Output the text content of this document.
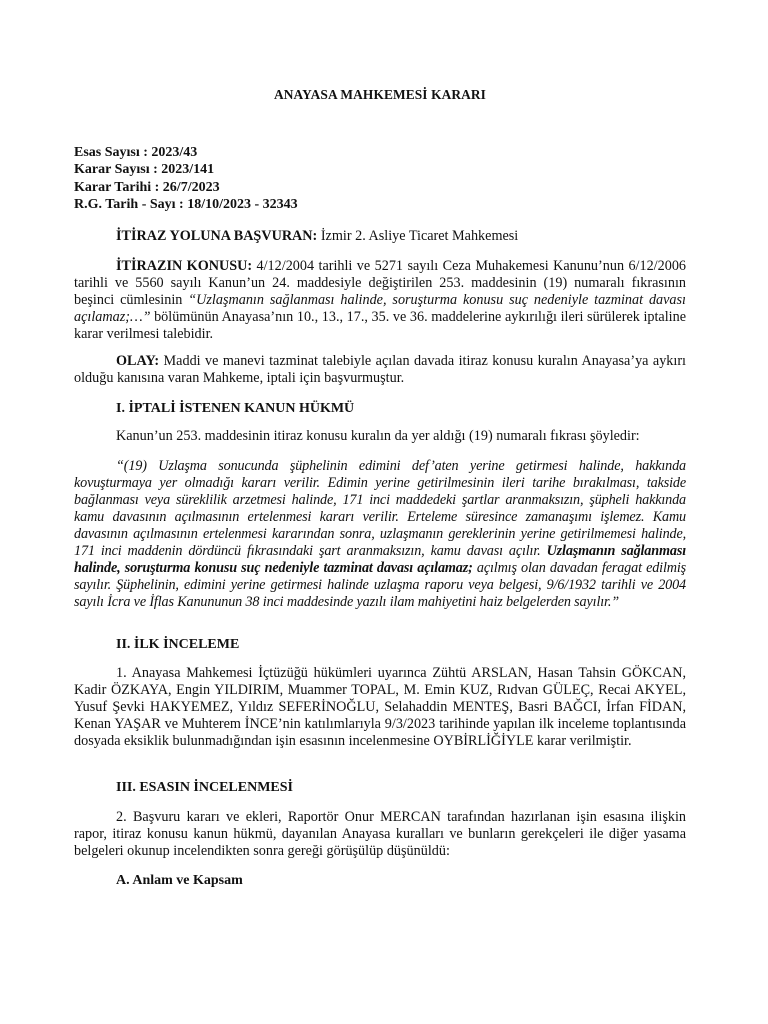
ANAYASA MAHKEMESİ KARARI
Esas Sayısı : 2023/43
Karar Sayısı : 2023/141
Karar Tarihi : 26/7/2023
R.G. Tarih - Sayı : 18/10/2023 - 32343
İTİRAZ YOLUNA BAŞVURAN: İzmir 2. Asliye Ticaret Mahkemesi
İTİRAZIN KONUSU: 4/12/2004 tarihli ve 5271 sayılı Ceza Muhakemesi Kanunu’nun 6/12/2006 tarihli ve 5560 sayılı Kanun’un 24. maddesiyle değiştirilen 253. maddesinin (19) numaralı fıkrasının beşinci cümlesinin “Uzlaşmanın sağlanması halinde, soruşturma konusu suç nedeniyle tazminat davası açılamaz;…” bölümünün Anayasa’nın 10., 13., 17., 35. ve 36. maddelerine aykırılığı ileri sürülerek iptaline karar verilmesi talebidir.
OLAY: Maddi ve manevi tazminat talebiyle açılan davada itiraz konusu kuralın Anayasa’ya aykırı olduğu kanısına varan Mahkeme, iptali için başvurmuştur.
I. İPTALİ İSTENEN KANUN HÜKMÜ
Kanun’un 253. maddesinin itiraz konusu kuralın da yer aldığı (19) numaralı fıkrası şöyledir:
“(19) Uzlaşma sonucunda şüphelinin edimini def’aten yerine getirmesi halinde, hakkında kovuşturmaya yer olmadığı kararı verilir. Edimin yerine getirilmesinin ileri tarihe bırakılması, takside bağlanması veya süreklilik arzetmesi halinde, 171 inci maddedeki şartlar aranmaksızın, şüpheli hakkında kamu davasının açılmasının ertelenmesi kararı verilir. Erteleme süresince zamanaşımı işlemez. Kamu davasının açılmasının ertelenmesi kararından sonra, uzlaşmanın gereklerinin yerine getirilmemesi halinde, 171 inci maddenin dördüncü fıkrasındaki şart aranmaksızın, kamu davası açılır. Uzlaşmanın sağlanması halinde, soruşturma konusu suç nedeniyle tazminat davası açılamaz; açılmış olan davadan feragat edilmiş sayılır. Şüphelinin, edimini yerine getirmesi halinde uzlaşma raporu veya belgesi, 9/6/1932 tarihli ve 2004 sayılı İcra ve İflas Kanununun 38 inci maddesinde yazılı ilam mahiyetini haiz belgelerden sayılır.”
II. İLK İNCELEME
1. Anayasa Mahkemesi İçtüzüğü hükümleri uyarınca Zühtü ARSLAN, Hasan Tahsin GÖKCAN, Kadir ÖZKAYA, Engin YILDIRIM, Muammer TOPAL, M. Emin KUZ, Rıdvan GÜLEÇ, Recai AKYEL, Yusuf Şevki HAKYEMEZ, Yıldız SEFERİNOĞLU, Selahaddin MENTEŞ, Basri BAĞCI, İrfan FİDAN, Kenan YAŞAR ve Muhterem İNCE’nin katılımlarıyla 9/3/2023 tarihinde yapılan ilk inceleme toplantısında dosyada eksiklik bulunmadığından işin esasının incelenmesine OYBİRLİĞİYLE karar verilmiştir.
III. ESASIN İNCELENMESİ
2. Başvuru kararı ve ekleri, Raportör Onur MERCAN tarafından hazırlanan işin esasına ilişkin rapor, itiraz konusu kanun hükmü, dayanılan Anayasa kuralları ve bunların gerekçeleri ile diğer yasama belgeleri okunup incelendikten sonra gereği görüşülüp düşünüldü:
A. Anlam ve Kapsam
